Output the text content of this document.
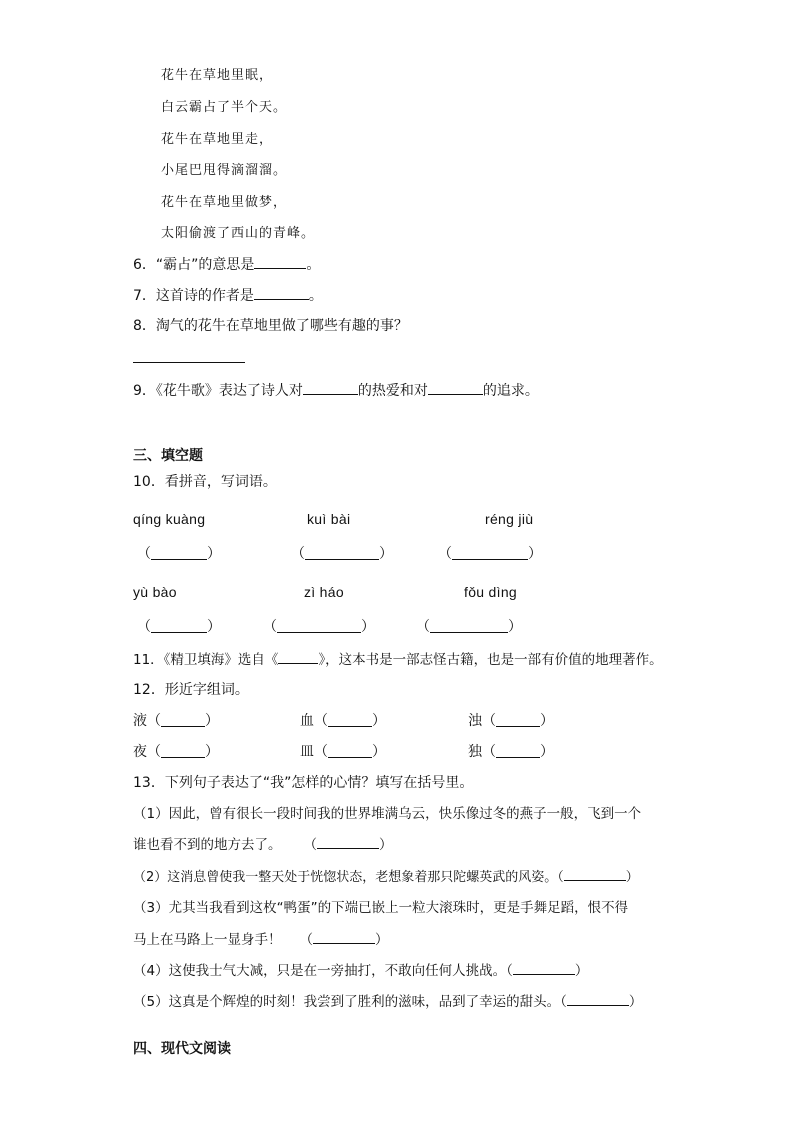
花牛在草地里眠，
白云霸占了半个天。
花牛在草地里走，
小尾巴甩得滴溜溜。
花牛在草地里做梦，
太阳偷渡了西山的青峰。
6．“霸占”的意思是	。
7．这首诗的作者是	。
8．淘气的花牛在草地里做了哪些有趣的事？
9．《花牛歌》表达了诗人对	的热爱和对	的追求。
三、填空题
10．看拼音，写词语。
qíng kuàng	kuì bài	réng jiù
（	）	（	）	（	）
yù bào	zì háo	fǒu dìng
（	）	（	）	（	）
11．《精卫填海》选自《	》，这本书是一部志怪古籍，也是一部有价值的地理著作。
12．形近字组词。
液（	）	血（	）	浊（	）
夜（	）	皿（	）	独（	）
13．下列句子表达了“我”怎样的心情？填写在括号里。
（1）因此，曾有很长一段时间我的世界堆满乌云，快乐像过冬的燕子一般，飞到一个
谁也看不到的地方去了。 （	）
（2）这消息曾使我一整天处于恍惚状态，老想象着那只陀螺英武的风姿。（	）
（3）尤其当我看到这枚“鸭蛋”的下端已嵌上一粒大滚珠时，更是手舞足蹈，恨不得
马上在马路上一显身手！ （	）
（4）这使我士气大减，只是在一旁抽打，不敢向任何人挑战。（	）
（5）这真是个辉煌的时刻！我尝到了胜利的滋味，品到了幸运的甜头。（	）
四、现代文阅读
